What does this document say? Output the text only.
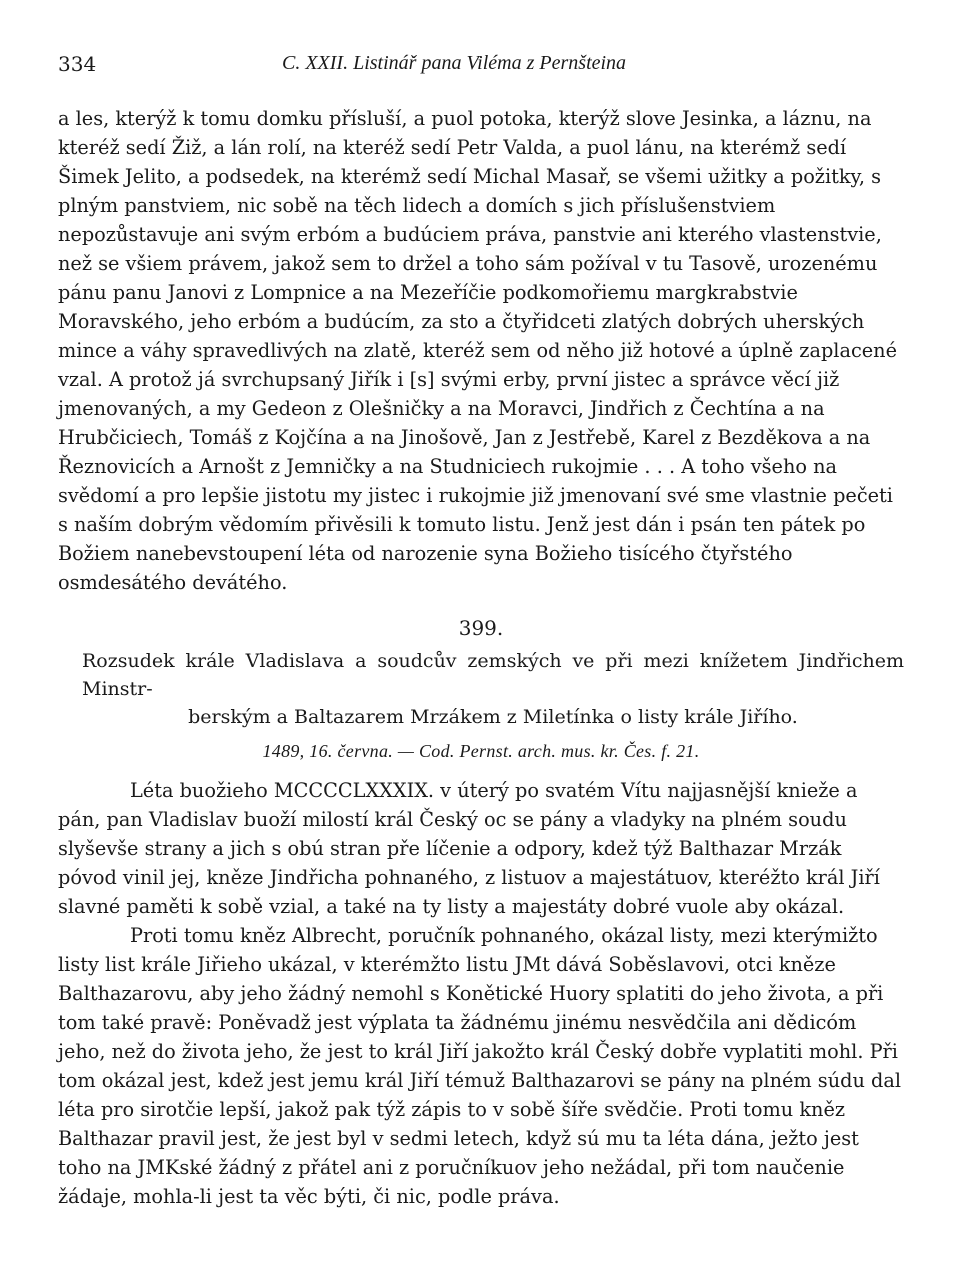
334	C. XXII. Listinář pana Viléma z Pernšteina

a les, kterýž k tomu domku přísluší, a puol potoka, kterýž slove Jesinka, a láznu, na kteréž sedí Žiž, a lán rolí, na kteréž sedí Petr Valda, a puol lánu, na kterémž sedí Šimek Jelito, a podsedek, na kterémž sedí Michal Masař, se všemi užitky a požitky, s plným panstviem, nic sobě na těch lidech a domích s jich příslušenstviem nepozůstavuje ani svým erbóm a budúciem práva, panstvie ani kterého vlastenstvie, než se všiem právem, jakož sem to držel a toho sám požíval v tu Tasově, urozenému pánu panu Janovi z Lompnice a na Mezeříčie podkomořiemu margkrabstvie Moravského, jeho erbóm a budúcím, za sto a čtyřidceti zlatých dobrých uherských mince a váhy spravedlivých na zlatě, kteréž sem od něho již hotové a úplně zaplacené vzal. A protož já svrchupsaný Jiřík i [s] svými erby, první jistec a správce věcí již jmenovaných, a my Gedeon z Olešničky a na Moravci, Jindřich z Čechtína a na Hrubčiciech, Tomáš z Kojčína a na Jinošově, Jan z Jestřebě, Karel z Bezděkova a na Řeznovicích a Arnošt z Jemničky a na Studniciech rukojmie . . . A toho všeho na svědomí a pro lepšie jistotu my jistec i rukojmie již jmenovaní své sme vlastnie pečeti s naším dobrým vědomím přivěsili k tomuto listu. Jenž jest dán i psán ten pátek po Božiem nanebevstoupení léta od narozenie syna Božieho tisícého čtyřstého osmdesátého devátého.

399.
Rozsudek krále Vladislava a soudcův zemských ve při mezi knížetem Jindřichem Minstr-
berským a Baltazarem Mrzákem z Miletínka o listy krále Jiřího.
1489, 16. června. — Cod. Pernst. arch. mus. kr. Čes. f. 21.

Léta buožieho MCCCCLXXXIX. v úterý po svatém Vítu najjasnější knieže a pán, pan Vladislav buoží milostí král Český oc se pány a vladyky na plném soudu slyševše strany a jich s obú stran pře líčenie a odpory, kdež týž Balthazar Mrzák póvod vinil jej, kněze Jindřicha pohnaného, z listuov a majestátuov, kteréžto král Jiří slavné paměti k sobě vzial, a také na ty listy a majestáty dobré vuole aby okázal.

Proti tomu kněz Albrecht, poručník pohnaného, okázal listy, mezi kterýmižto listy list krále Jiřieho ukázal, v kterémžto listu JMt dává Soběslavovi, otci kněze Balthazarovu, aby jeho žádný nemohl s Konětické Huory splatiti do jeho života, a při tom také pravě: Poněvadž jest výplata ta žádnému jinému nesvědčila ani dědicóm jeho, než do života jeho, že jest to král Jiří jakožto král Český dobře vyplatiti mohl. Při tom okázal jest, kdež jest jemu král Jiří témuž Balthazarovi se pány na plném súdu dal léta pro sirotčie lepší, jakož pak týž zápis to v sobě šíře svědčie. Proti tomu kněz Balthazar pravil jest, že jest byl v sedmi letech, když sú mu ta léta dána, ježto jest toho na JMKské žádný z přátel ani z poručníkuov jeho nežádal, při tom naučenie žádaje, mohla-li jest ta věc býti, či nic, podle práva.
